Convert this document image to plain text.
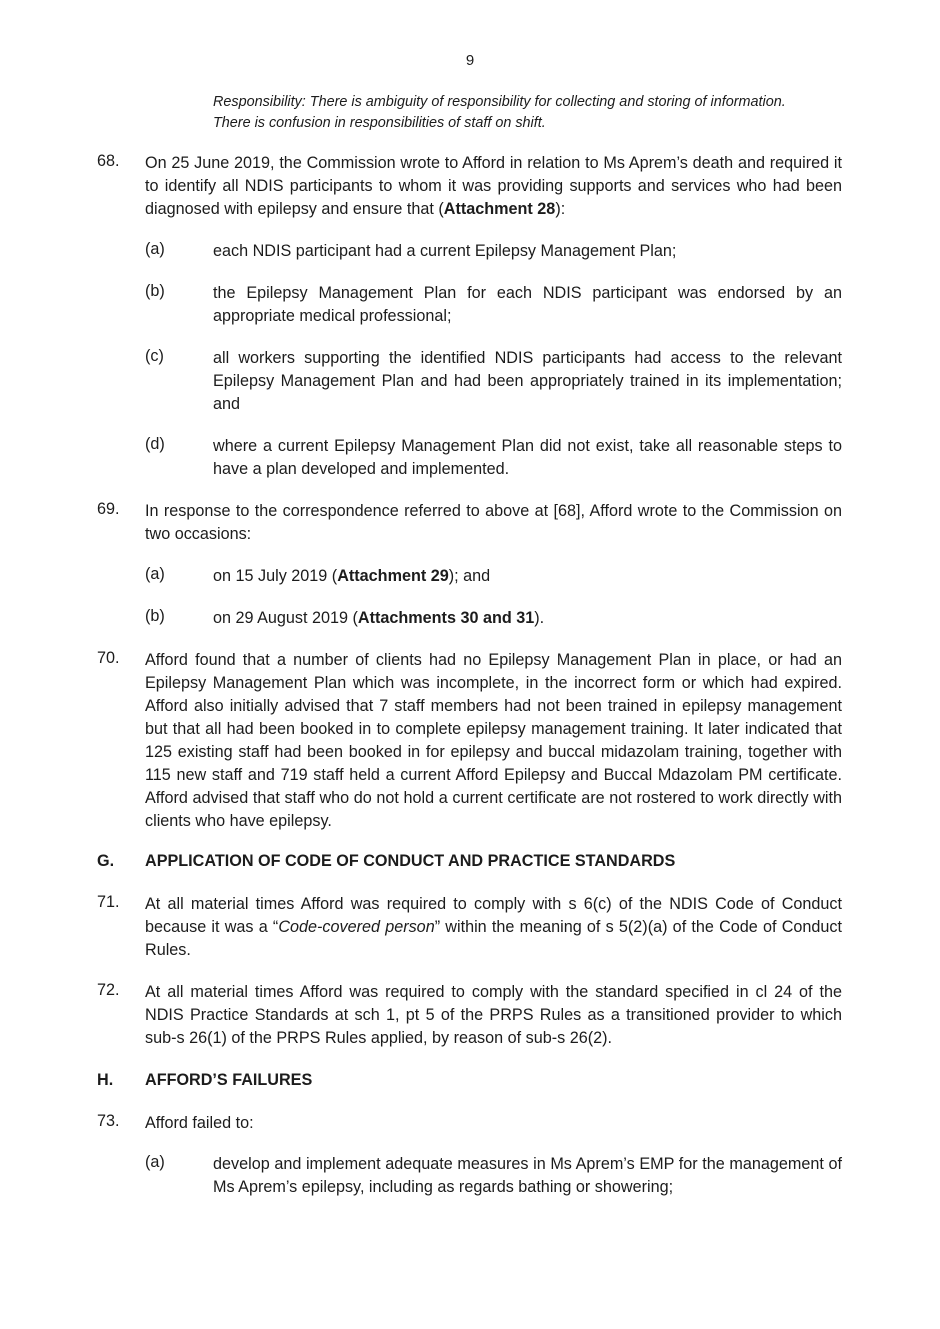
9
Responsibility: There is ambiguity of responsibility for collecting and storing of information.
There is confusion in responsibilities of staff on shift.
68. On 25 June 2019, the Commission wrote to Afford in relation to Ms Aprem’s death and required it to identify all NDIS participants to whom it was providing supports and services who had been diagnosed with epilepsy and ensure that (Attachment 28):
(a)	each NDIS participant had a current Epilepsy Management Plan;
(b)	the Epilepsy Management Plan for each NDIS participant was endorsed by an appropriate medical professional;
(c)	all workers supporting the identified NDIS participants had access to the relevant Epilepsy Management Plan and had been appropriately trained in its implementation; and
(d)	where a current Epilepsy Management Plan did not exist, take all reasonable steps to have a plan developed and implemented.
69. In response to the correspondence referred to above at [68], Afford wrote to the Commission on two occasions:
(a)	on 15 July 2019 (Attachment 29); and
(b)	on 29 August 2019 (Attachments 30 and 31).
70. Afford found that a number of clients had no Epilepsy Management Plan in place, or had an Epilepsy Management Plan which was incomplete, in the incorrect form or which had expired. Afford also initially advised that 7 staff members had not been trained in epilepsy management but that all had been booked in to complete epilepsy management training. It later indicated that 125 existing staff had been booked in for epilepsy and buccal midazolam training, together with 115 new staff and 719 staff held a current Afford Epilepsy and Buccal Mdazolam PM certificate. Afford advised that staff who do not hold a current certificate are not rostered to work directly with clients who have epilepsy.
G. APPLICATION OF CODE OF CONDUCT AND PRACTICE STANDARDS
71. At all material times Afford was required to comply with s 6(c) of the NDIS Code of Conduct because it was a “Code-covered person” within the meaning of s 5(2)(a) of the Code of Conduct Rules.
72. At all material times Afford was required to comply with the standard specified in cl 24 of the NDIS Practice Standards at sch 1, pt 5 of the PRPS Rules as a transitioned provider to which sub-s 26(1) of the PRPS Rules applied, by reason of sub-s 26(2).
H. AFFORD’S FAILURES
73. Afford failed to:
(a)	develop and implement adequate measures in Ms Aprem’s EMP for the management of Ms Aprem’s epilepsy, including as regards bathing or showering;
